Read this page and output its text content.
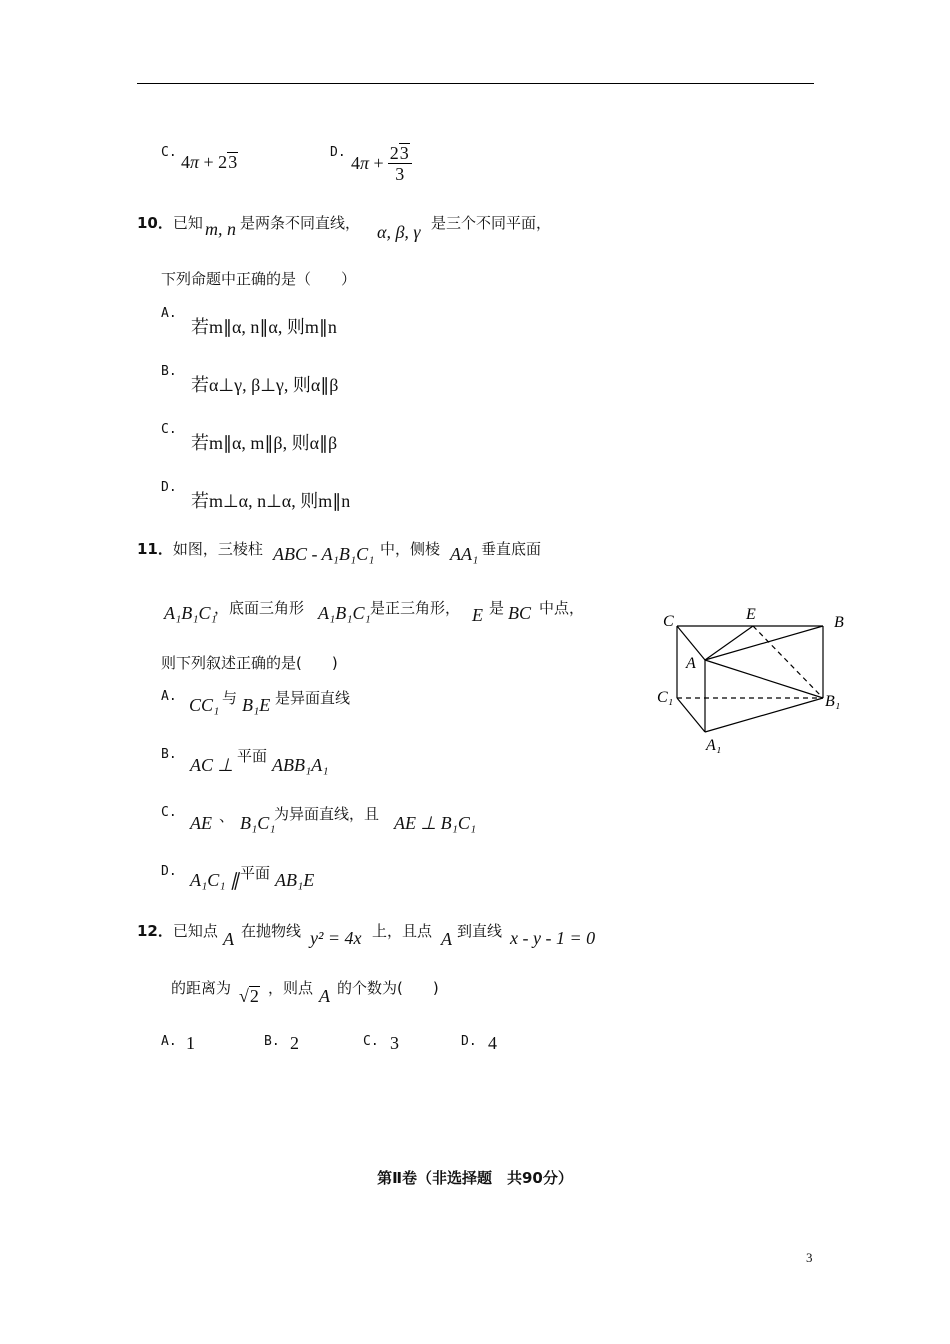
C. 4π + 23	D.
$4\pi + \frac{23}{3}$
10．已知 m, n 是两条不同直线， α, β, γ 是三个不同平面，
下列命题中正确的是（　　）
A.
若m∥α, n∥α, 则m∥n
B.
若α⊥γ, β⊥γ, 则α∥β
C.
若m∥α, m∥β, 则α∥β
D.
若m⊥α, n⊥α, 则m∥n
11．如图，三棱柱 ABC - A₁B₁C₁ 中，侧棱 AA₁ 垂直底面
A₁B₁C₁
，底面三角形 A₁B₁C₁ 是正三角形， E 是 BC 中点，
则下列叙述正确的是(　　)
A. CC₁ 与 B₁E 是异面直线
B.
AC ⊥ 平面 ABB₁A₁
C.
AE 、 B₁C₁
为异面直线，且 AE ⊥ B₁C₁
D. A₁C₁ ∥ 平面 AB₁E
C	E	B
A
C₁	B₁
A₁
12．已知点 A 在抛物线 y² = 4x 上，且点 A 到直线 x - y - 1 = 0
的距离为 √2 ，则点 A 的个数为(　　)
A. 1	B. 2	C. 3	D. 4
第Ⅱ卷（非选择题　共90分）
3
